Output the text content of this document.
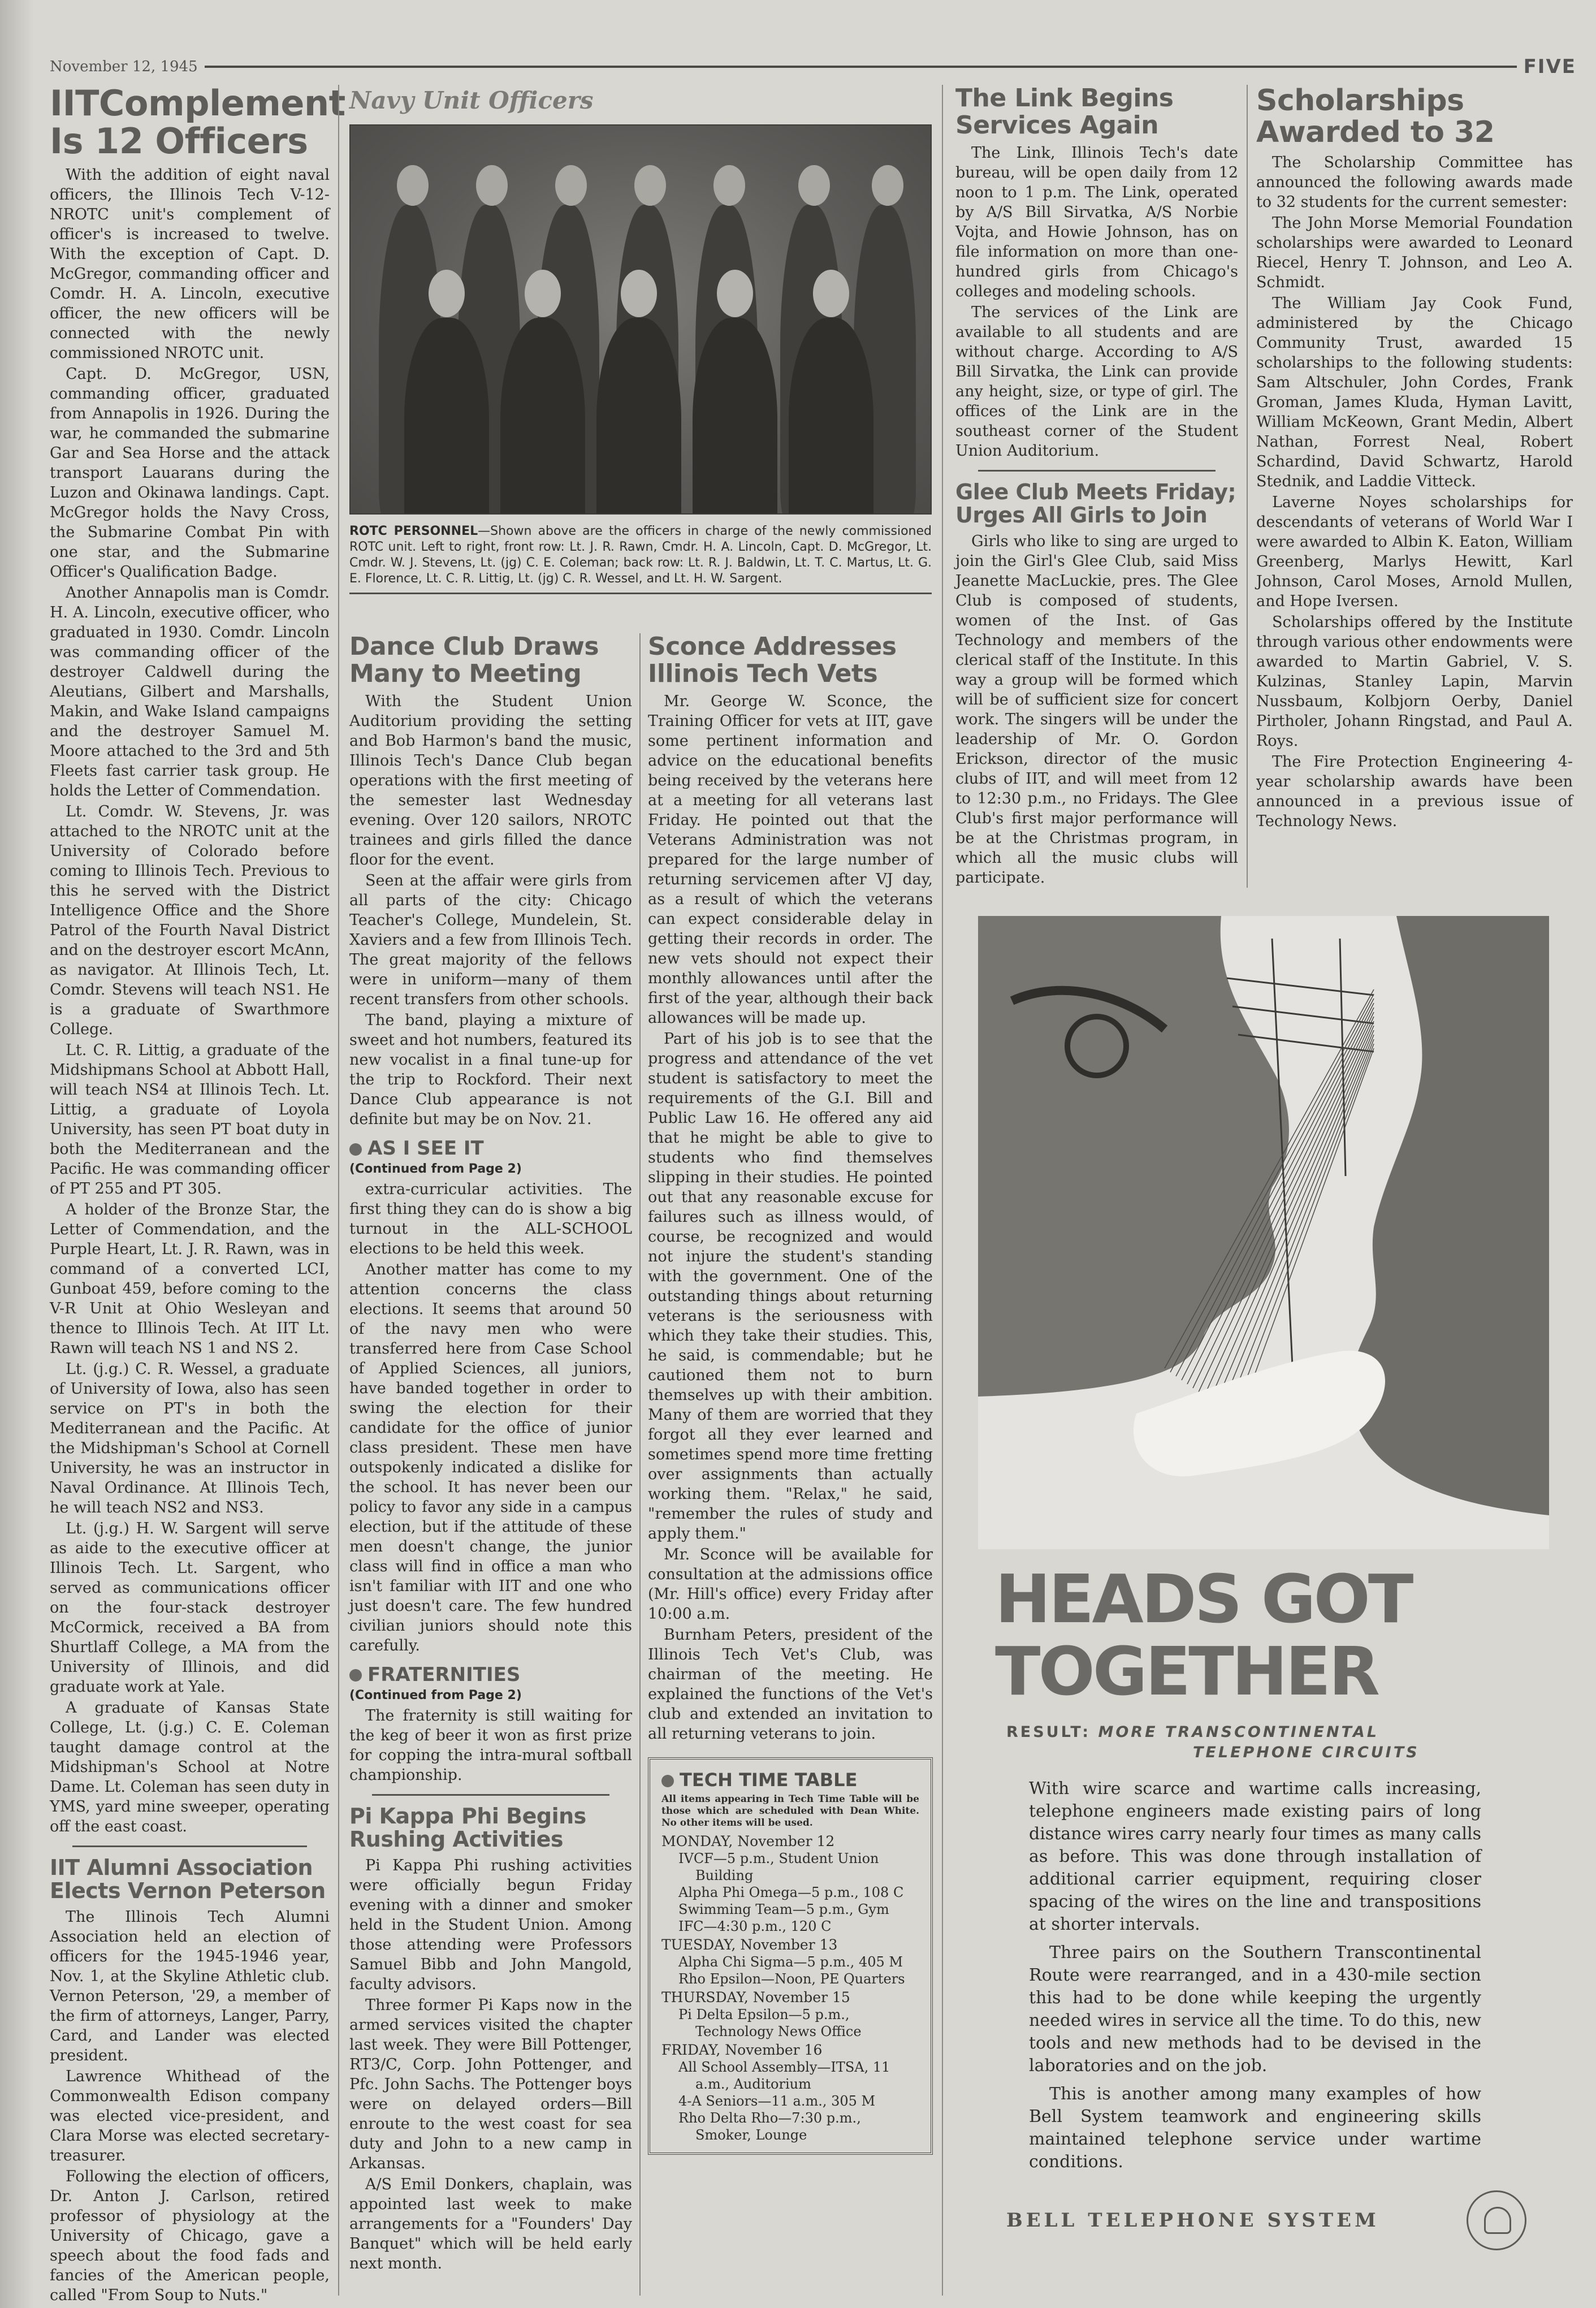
November 12, 1945	FIVE
IITComplement Is 12 Officers

With the addition of eight naval officers, the Illinois Tech V-12-NROTC unit's complement of officer's is increased to twelve. With the exception of Capt. D. McGregor, commanding officer and Comdr. H. A. Lincoln, executive officer, the new officers will be connected with the newly commissioned NROTC unit.

Capt. D. McGregor, USN, commanding officer, graduated from Annapolis in 1926. During the war, he commanded the submarine Gar and Sea Horse and the attack transport Lauarans during the Luzon and Okinawa landings. Capt. McGregor holds the Navy Cross, the Submarine Combat Pin with one star, and the Submarine Officer's Qualification Badge.

Another Annapolis man is Comdr. H. A. Lincoln, executive officer, who graduated in 1930. Comdr. Lincoln was commanding officer of the destroyer Caldwell during the Aleutians, Gilbert and Marshalls, Makin, and Wake Island campaigns and the destroyer Samuel M. Moore attached to the 3rd and 5th Fleets fast carrier task group. He holds the Letter of Commendation.

Lt. Comdr. W. Stevens, Jr. was attached to the NROTC unit at the University of Colorado before coming to Illinois Tech. Previous to this he served with the District Intelligence Office and the Shore Patrol of the Fourth Naval District and on the destroyer escort McAnn, as navigator. At Illinois Tech, Lt. Comdr. Stevens will teach NS1. He is a graduate of Swarthmore College.

Lt. C. R. Littig, a graduate of the Midshipmans School at Abbott Hall, will teach NS4 at Illinois Tech. Lt. Littig, a graduate of Loyola University, has seen PT boat duty in both the Mediterranean and the Pacific. He was commanding officer of PT 255 and PT 305.

A holder of the Bronze Star, the Letter of Commendation, and the Purple Heart, Lt. J. R. Rawn, was in command of a converted LCI, Gunboat 459, before coming to the V-R Unit at Ohio Wesleyan and thence to Illinois Tech. At IIT Lt. Rawn will teach NS 1 and NS 2.

Lt. (j.g.) C. R. Wessel, a graduate of University of Iowa, also has seen service on PT's in both the Mediterranean and the Pacific. At the Midshipman's School at Cornell University, he was an instructor in Naval Ordinance. At Illinois Tech, he will teach NS2 and NS3.

Lt. (j.g.) H. W. Sargent will serve as aide to the executive officer at Illinois Tech. Lt. Sargent, who served as communications officer on the four-stack destroyer McCormick, received a BA from Shurtlaff College, a MA from the University of Illinois, and did graduate work at Yale.

A graduate of Kansas State College, Lt. (j.g.) C. E. Coleman taught damage control at the Midshipman's School at Notre Dame. Lt. Coleman has seen duty in YMS, yard mine sweeper, operating off the east coast.

IIT Alumni Association Elects Vernon Peterson

The Illinois Tech Alumni Association held an election of officers for the 1945-1946 year, Nov. 1, at the Skyline Athletic club. Vernon Peterson, '29, a member of the firm of attorneys, Langer, Parry, Card, and Lander was elected president.

Lawrence Whithead of the Commonwealth Edison company was elected vice-president, and Clara Morse was elected secretary-treasurer.

Following the election of officers, Dr. Anton J. Carlson, retired professor of physiology at the University of Chicago, gave a speech about the food fads and fancies of the American people, called "From Soup to Nuts."

Navy Unit Officers
ROTC PERSONNEL—Shown above are the officers in charge of the newly commissioned ROTC unit. Left to right, front row: Lt. J. R. Rawn, Cmdr. H. A. Lincoln, Capt. D. McGregor, Lt. Cmdr. W. J. Stevens, Lt. (jg) C. E. Coleman; back row: Lt. R. J. Baldwin, Lt. T. C. Martus, Lt. G. E. Florence, Lt. C. R. Littig, Lt. (jg) C. R. Wessel, and Lt. H. W. Sargent.
Dance Club Draws Many to Meeting

With the Student Union Auditorium providing the setting and Bob Harmon's band the music, Illinois Tech's Dance Club began operations with the first meeting of the semester last Wednesday evening. Over 120 sailors, NROTC trainees and girls filled the dance floor for the event.

Seen at the affair were girls from all parts of the city: Chicago Teacher's College, Mundelein, St. Xaviers and a few from Illinois Tech. The great majority of the fellows were in uniform—many of them recent transfers from other schools.

The band, playing a mixture of sweet and hot numbers, featured its new vocalist in a final tune-up for the trip to Rockford. Their next Dance Club appearance is not definite but may be on Nov. 21.

AS I SEE IT
(Continued from Page 2)

extra-curricular activities. The first thing they can do is show a big turnout in the ALL-SCHOOL elections to be held this week.

Another matter has come to my attention concerns the class elections. It seems that around 50 of the navy men who were transferred here from Case School of Applied Sciences, all juniors, have banded together in order to swing the election for their candidate for the office of junior class president. These men have outspokenly indicated a dislike for the school. It has never been our policy to favor any side in a campus election, but if the attitude of these men doesn't change, the junior class will find in office a man who isn't familiar with IIT and one who just doesn't care. The few hundred civilian juniors should note this carefully.

FRATERNITIES
(Continued from Page 2)

The fraternity is still waiting for the keg of beer it won as first prize for copping the intra-mural softball championship.

Pi Kappa Phi Begins Rushing Activities

Pi Kappa Phi rushing activities were officially begun Friday evening with a dinner and smoker held in the Student Union. Among those attending were Professors Samuel Bibb and John Mangold, faculty advisors.

Three former Pi Kaps now in the armed services visited the chapter last week. They were Bill Pottenger, RT3/C, Corp. John Pottenger, and Pfc. John Sachs. The Pottenger boys were on delayed orders—Bill enroute to the west coast for sea duty and John to a new camp in Arkansas.

A/S Emil Donkers, chaplain, was appointed last week to make arrangements for a "Founders' Day Banquet" which will be held early next month.

Sconce Addresses Illinois Tech Vets

Mr. George W. Sconce, the Training Officer for vets at IIT, gave some pertinent information and advice on the educational benefits being received by the veterans here at a meeting for all veterans last Friday. He pointed out that the Veterans Administration was not prepared for the large number of returning servicemen after VJ day, as a result of which the veterans can expect considerable delay in getting their records in order. The new vets should not expect their monthly allowances until after the first of the year, although their back allowances will be made up.

Part of his job is to see that the progress and attendance of the vet student is satisfactory to meet the requirements of the G.I. Bill and Public Law 16. He offered any aid that he might be able to give to students who find themselves slipping in their studies. He pointed out that any reasonable excuse for failures such as illness would, of course, be recognized and would not injure the student's standing with the government. One of the outstanding things about returning veterans is the seriousness with which they take their studies. This, he said, is commendable; but he cautioned them not to burn themselves up with their ambition. Many of them are worried that they forgot all they ever learned and sometimes spend more time fretting over assignments than actually working them. "Relax," he said, "remember the rules of study and apply them."

Mr. Sconce will be available for consultation at the admissions office (Mr. Hill's office) every Friday after 10:00 a.m.

Burnham Peters, president of the Illinois Tech Vet's Club, was chairman of the meeting. He explained the functions of the Vet's club and extended an invitation to all returning veterans to join.

TECH TIME TABLE
All items appearing in Tech Time Table will be those which are scheduled with Dean White. No other items will be used.
MONDAY, November 12
IVCF—5 p.m., Student Union Building
Alpha Phi Omega—5 p.m., 108 C
Swimming Team—5 p.m., Gym
IFC—4:30 p.m., 120 C
TUESDAY, November 13
Alpha Chi Sigma—5 p.m., 405 M
Rho Epsilon—Noon, PE Quarters
THURSDAY, November 15
Pi Delta Epsilon—5 p.m., Technology News Office
FRIDAY, November 16
All School Assembly—ITSA, 11 a.m., Auditorium
4-A Seniors—11 a.m., 305 M
Rho Delta Rho—7:30 p.m., Smoker, Lounge
The Link Begins Services Again

The Link, Illinois Tech's date bureau, will be open daily from 12 noon to 1 p.m. The Link, operated by A/S Bill Sirvatka, A/S Norbie Vojta, and Howie Johnson, has on file information on more than one-hundred girls from Chicago's colleges and modeling schools.

The services of the Link are available to all students and are without charge. According to A/S Bill Sirvatka, the Link can provide any height, size, or type of girl. The offices of the Link are in the southeast corner of the Student Union Auditorium.

Glee Club Meets Friday; Urges All Girls to Join

Girls who like to sing are urged to join the Girl's Glee Club, said Miss Jeanette MacLuckie, pres. The Glee Club is composed of students, women of the Inst. of Gas Technology and members of the clerical staff of the Institute. In this way a group will be formed which will be of sufficient size for concert work. The singers will be under the leadership of Mr. O. Gordon Erickson, director of the music clubs of IIT, and will meet from 12 to 12:30 p.m., no Fridays. The Glee Club's first major performance will be at the Christmas program, in which all the music clubs will participate.

Scholarships Awarded to 32

The Scholarship Committee has announced the following awards made to 32 students for the current semester:

The John Morse Memorial Foundation scholarships were awarded to Leonard Riecel, Henry T. Johnson, and Leo A. Schmidt.

The William Jay Cook Fund, administered by the Chicago Community Trust, awarded 15 scholarships to the following students: Sam Altschuler, John Cordes, Frank Groman, James Kluda, Hyman Lavitt, William McKeown, Grant Medin, Albert Nathan, Forrest Neal, Robert Schardind, David Schwartz, Harold Stednik, and Laddie Vitteck.

Laverne Noyes scholarships for descendants of veterans of World War I were awarded to Albin K. Eaton, William Greenberg, Marlys Hewitt, Karl Johnson, Carol Moses, Arnold Mullen, and Hope Iversen.

Scholarships offered by the Institute through various other endowments were awarded to Martin Gabriel, V. S. Kulzinas, Stanley Lapin, Marvin Nussbaum, Kolbjorn Oerby, Daniel Pirtholer, Johann Ringstad, and Paul A. Roys.

The Fire Protection Engineering 4-year scholarship awards have been announced in a previous issue of Technology News.

HEADS GOT
TOGETHER
RESULT: MORE TRANSCONTINENTAL
TELEPHONE CIRCUITS

With wire scarce and wartime calls increasing, telephone engineers made existing pairs of long distance wires carry nearly four times as many calls as before. This was done through installation of additional carrier equipment, requiring closer spacing of the wires on the line and transpositions at shorter intervals.

Three pairs on the Southern Transcontinental Route were rearranged, and in a 430-mile section this had to be done while keeping the urgently needed wires in service all the time. To do this, new tools and new methods had to be devised in the laboratories and on the job.

This is another among many examples of how Bell System teamwork and engineering skills maintained telephone service under wartime conditions.

BELL TELEPHONE SYSTEM
